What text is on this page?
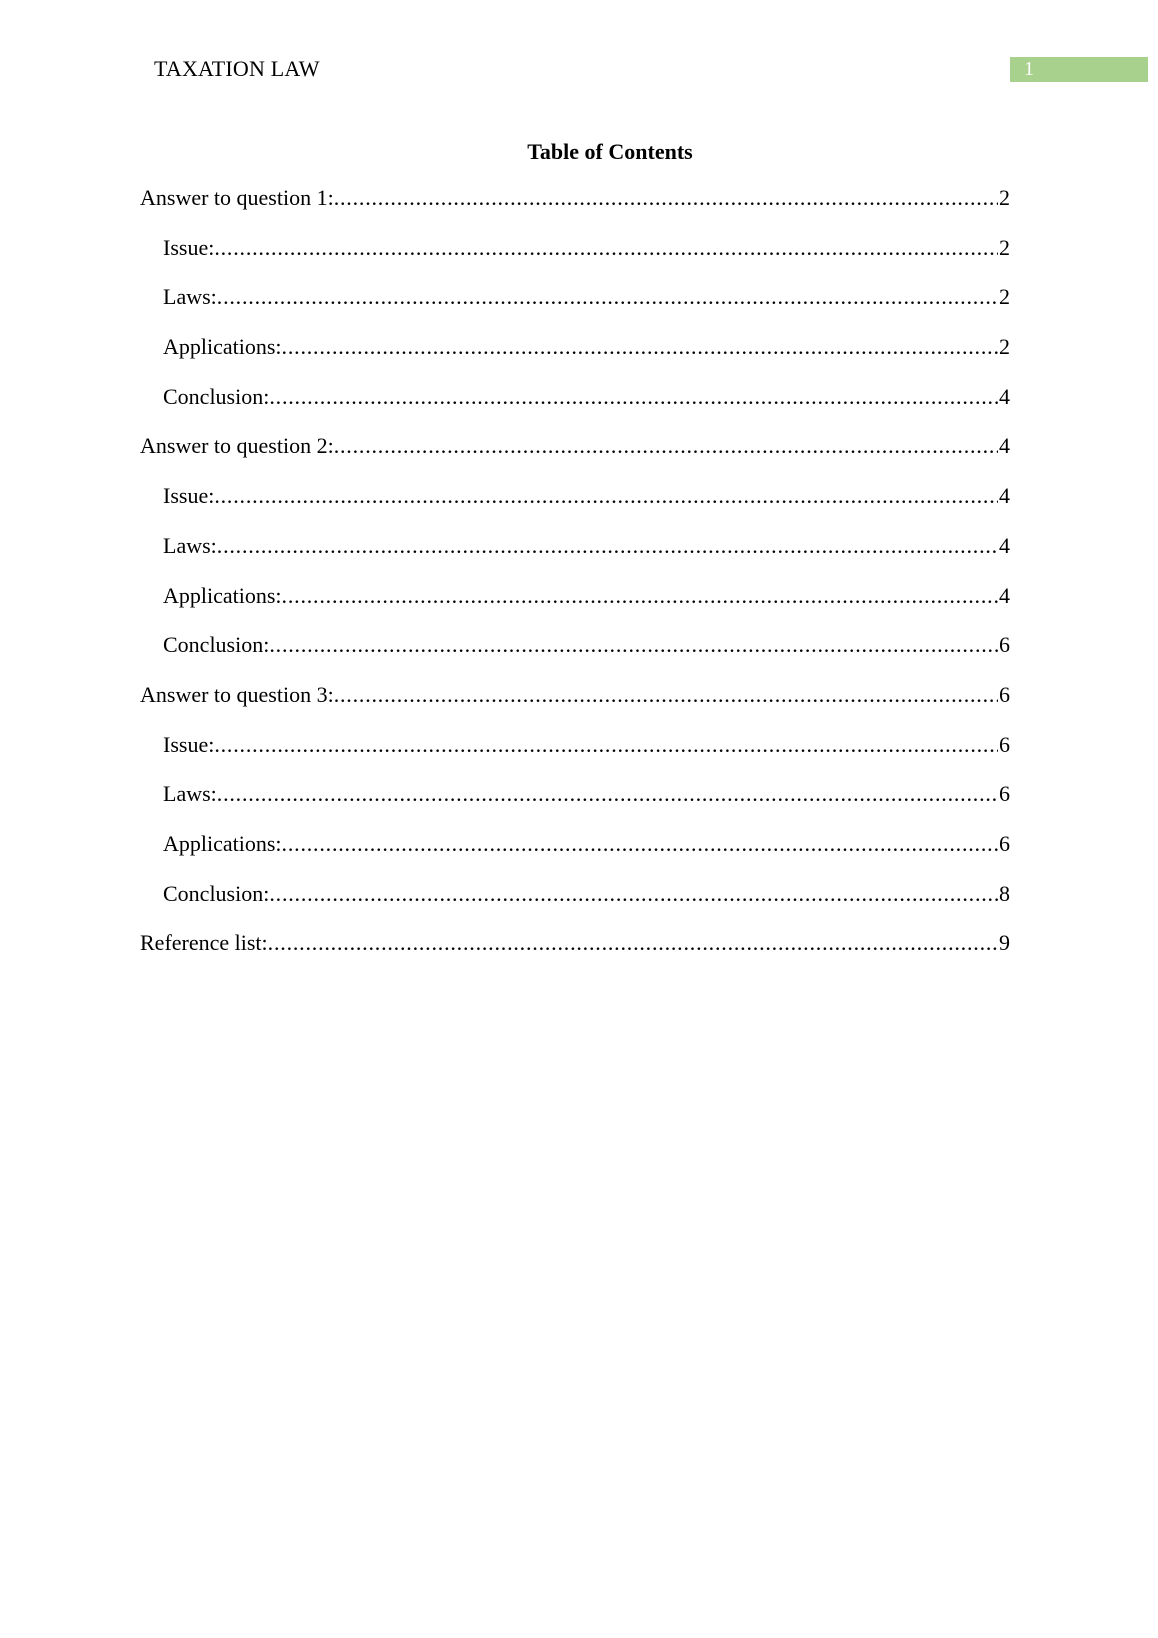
TAXATION LAW	1
Table of Contents
Answer to question 1: .....	2
Issue: .....	2
Laws: .....	2
Applications: .....	2
Conclusion: .....	4
Answer to question 2: .....	4
Issue: .....	4
Laws: .....	4
Applications: .....	4
Conclusion: .....	6
Answer to question 3: .....	6
Issue: .....	6
Laws: .....	6
Applications: .....	6
Conclusion: .....	8
Reference list: .....	9
